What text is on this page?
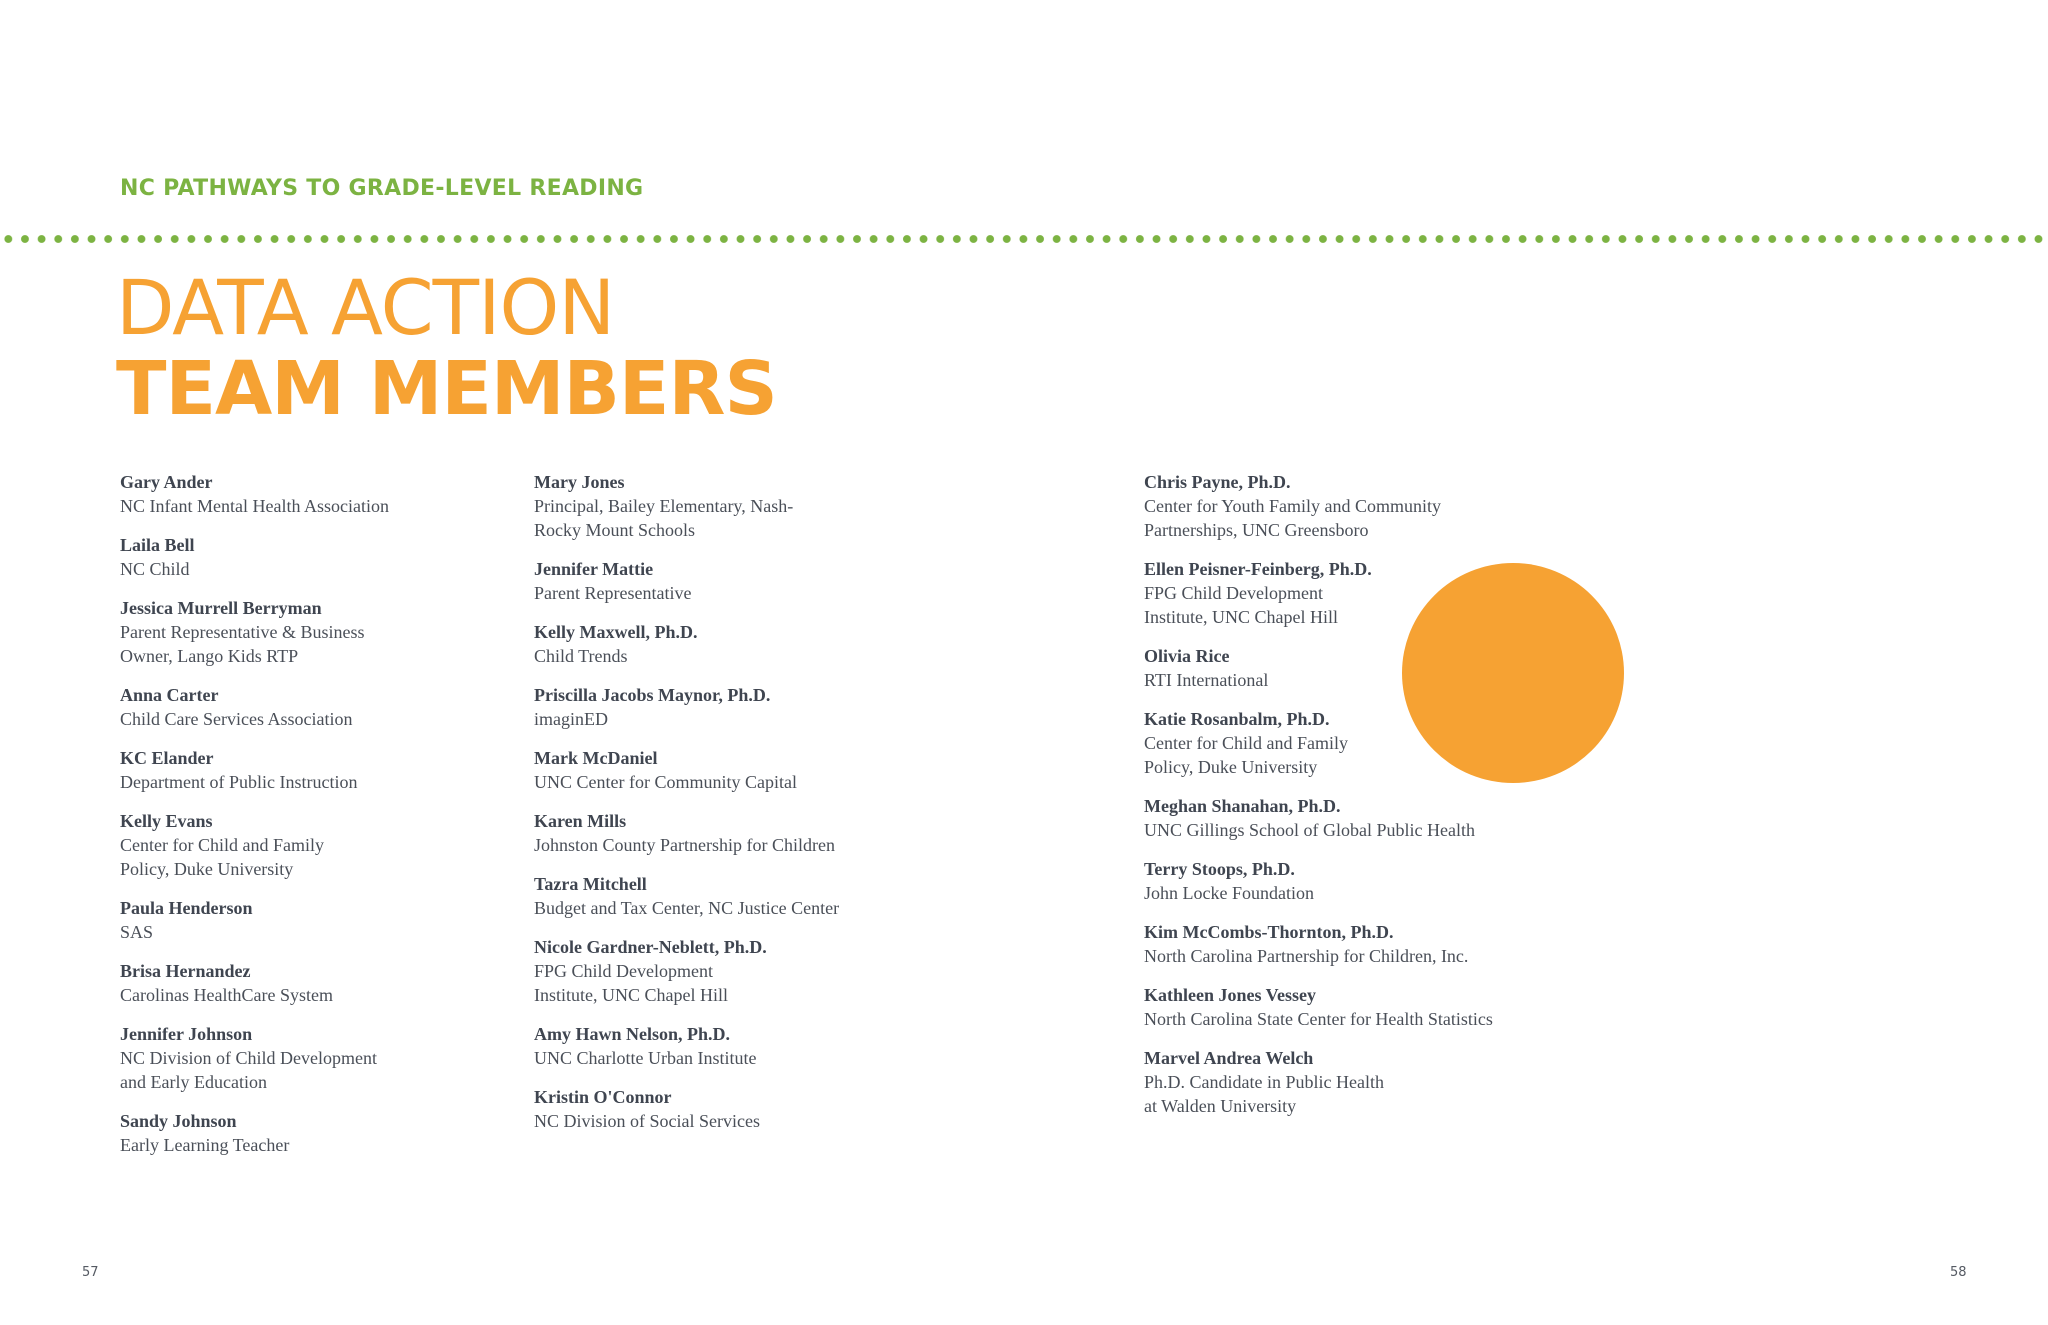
NC PATHWAYS TO GRADE-LEVEL READING
DATA ACTION
TEAM MEMBERS
Gary Ander
NC Infant Mental Health Association
Laila Bell
NC Child
Jessica Murrell Berryman
Parent Representative & Business
Owner, Lango Kids RTP
Anna Carter
Child Care Services Association
KC Elander
Department of Public Instruction
Kelly Evans
Center for Child and Family
Policy, Duke University
Paula Henderson
SAS
Brisa Hernandez
Carolinas HealthCare System
Jennifer Johnson
NC Division of Child Development
and Early Education
Sandy Johnson
Early Learning Teacher
Mary Jones
Principal, Bailey Elementary, Nash-
Rocky Mount Schools
Jennifer Mattie
Parent Representative
Kelly Maxwell, Ph.D.
Child Trends
Priscilla Jacobs Maynor, Ph.D.
imaginED
Mark McDaniel
UNC Center for Community Capital
Karen Mills
Johnston County Partnership for Children
Tazra Mitchell
Budget and Tax Center, NC Justice Center
Nicole Gardner-Neblett, Ph.D.
FPG Child Development
Institute, UNC Chapel Hill
Amy Hawn Nelson, Ph.D.
UNC Charlotte Urban Institute
Kristin O'Connor
NC Division of Social Services
Chris Payne, Ph.D.
Center for Youth Family and Community
Partnerships, UNC Greensboro
Ellen Peisner-Feinberg, Ph.D.
FPG Child Development
Institute, UNC Chapel Hill
Olivia Rice
RTI International
Katie Rosanbalm, Ph.D.
Center for Child and Family
Policy, Duke University
Meghan Shanahan, Ph.D.
UNC Gillings School of Global Public Health
Terry Stoops, Ph.D.
John Locke Foundation
Kim McCombs-Thornton, Ph.D.
North Carolina Partnership for Children, Inc.
Kathleen Jones Vessey
North Carolina State Center for Health Statistics
Marvel Andrea Welch
Ph.D. Candidate in Public Health
at Walden University
57	58
